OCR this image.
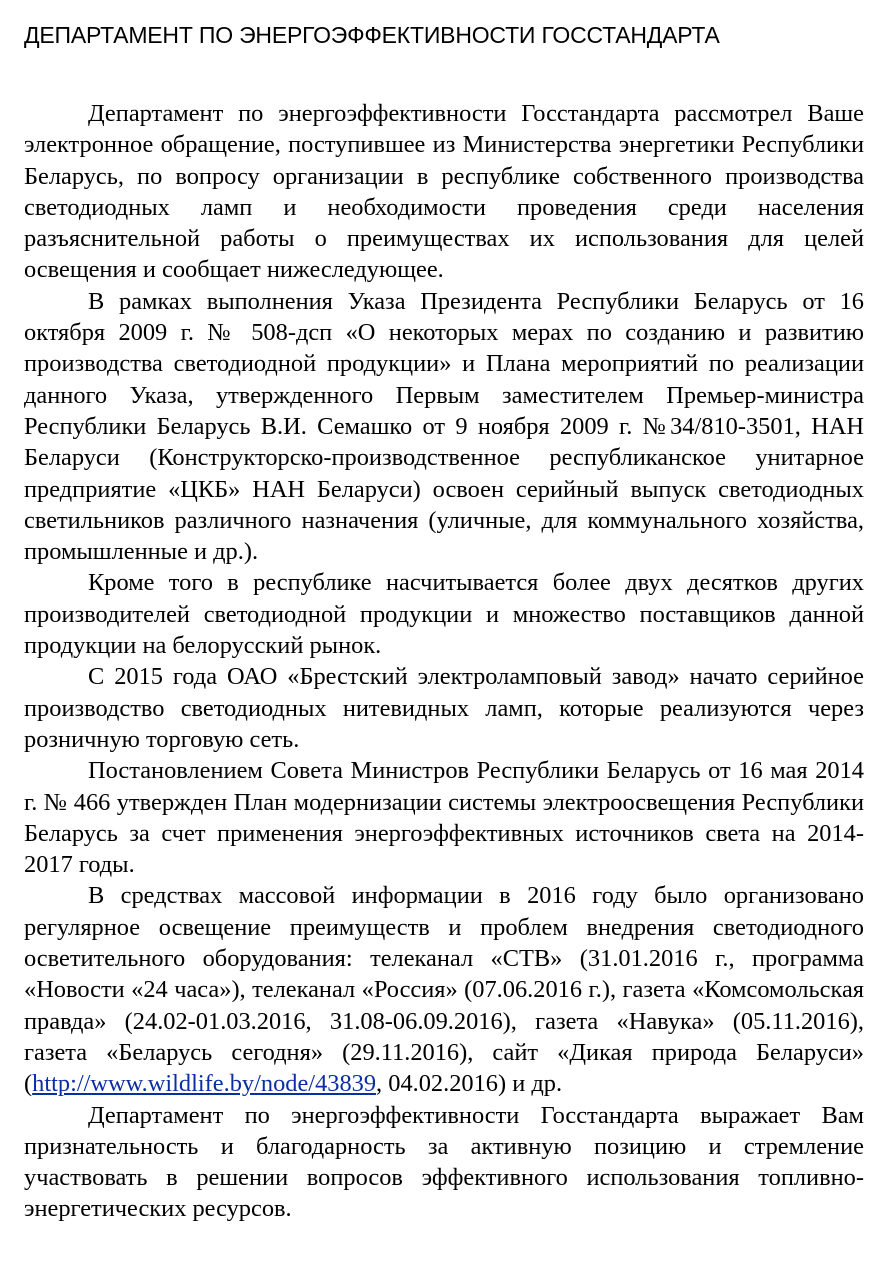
ДЕПАРТАМЕНТ ПО ЭНЕРГОЭФФЕКТИВНОСТИ ГОССТАНДАРТА

Департамент по энергоэффективности Госстандарта рассмотрел Ваше электронное обращение, поступившее из Министерства энергетики Республики Беларусь, по вопросу организации в республике собственного производства светодиодных ламп и необходимости проведения среди населения разъяснительной работы о преимуществах их использования для целей освещения и сообщает нижеследующее.

В рамках выполнения Указа Президента Республики Беларусь от 16 октября 2009 г. № 508-дсп «О некоторых мерах по созданию и развитию производства светодиодной продукции» и Плана мероприятий по реализации данного Указа, утвержденного Первым заместителем Премьер-министра Республики Беларусь В.И. Семашко от 9 ноября 2009 г. №34/810-3501, НАН Беларуси (Конструкторско-производственное республиканское унитарное предприятие «ЦКБ» НАН Беларуси) освоен серийный выпуск светодиодных светильников различного назначения (уличные, для коммунального хозяйства, промышленные и др.).

Кроме того в республике насчитывается более двух десятков других производителей светодиодной продукции и множество поставщиков данной продукции на белорусский рынок.

С 2015 года ОАО «Брестский электроламповый завод» начато серийное производство светодиодных нитевидных ламп, которые реализуются через розничную торговую сеть.

Постановлением Совета Министров Республики Беларусь от 16 мая 2014 г. № 466 утвержден План модернизации системы электроосвещения Республики Беларусь за счет применения энергоэффективных источников света на 2014-2017 годы.

В средствах массовой информации в 2016 году было организовано регулярное освещение преимуществ и проблем внедрения светодиодного осветительного оборудования: телеканал «СТВ» (31.01.2016 г., программа «Новости «24 часа»), телеканал «Россия» (07.06.2016 г.), газета «Комсомольская правда» (24.02-01.03.2016, 31.08-06.09.2016), газета «Навука» (05.11.2016), газета «Беларусь сегодня» (29.11.2016), сайт «Дикая природа Беларуси» (http://www.wildlife.by/node/43839, 04.02.2016) и др.

Департамент по энергоэффективности Госстандарта выражает Вам признательность и благодарность за активную позицию и стремление участвовать в решении вопросов эффективного использования топливно-энергетических ресурсов.
